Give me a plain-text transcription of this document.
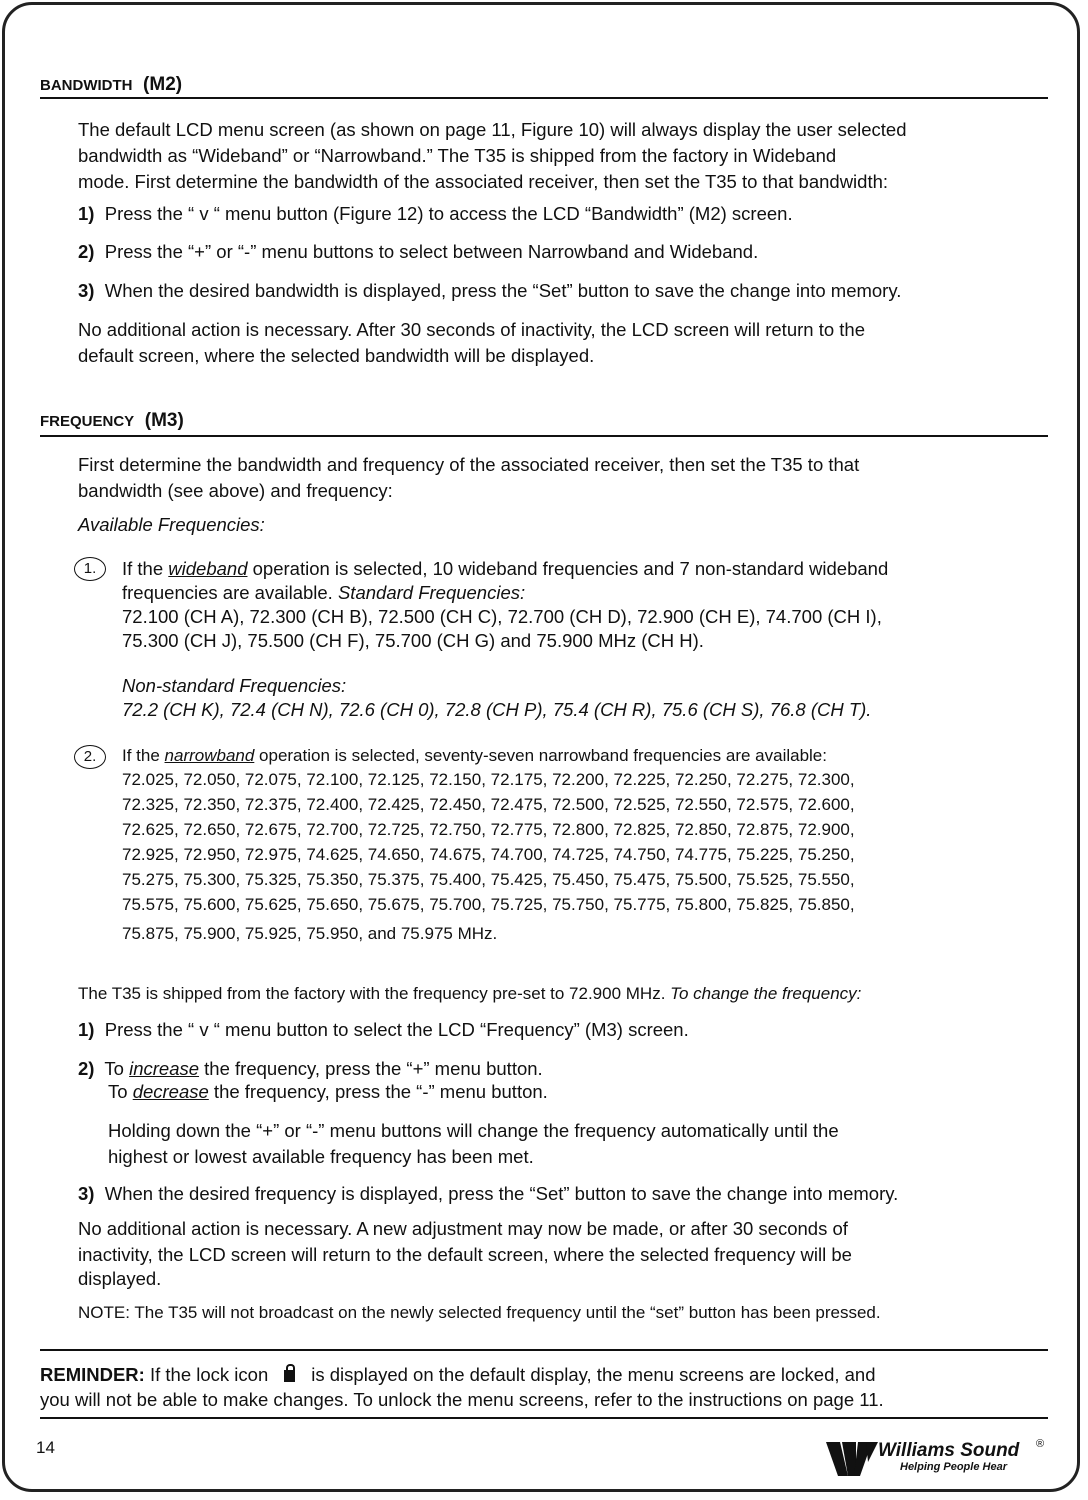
BANDWIDTH (M2)
The default LCD menu screen (as shown on page 11, Figure 10) will always display the user selected
bandwidth as “Wideband” or “Narrowband.” The T35 is shipped from the factory in Wideband
mode. First determine the bandwidth of the associated receiver, then set the T35 to that bandwidth:
1) Press the “ v “ menu button (Figure 12) to access the LCD “Bandwidth” (M2) screen.
2) Press the “+” or “-” menu buttons to select between Narrowband and Wideband.
3) When the desired bandwidth is displayed, press the “Set” button to save the change into memory.
No additional action is necessary. After 30 seconds of inactivity, the LCD screen will return to the
default screen, where the selected bandwidth will be displayed.
FREQUENCY (M3)
First determine the bandwidth and frequency of the associated receiver, then set the T35 to that
bandwidth (see above) and frequency:
Available Frequencies:
1.	If the wideband operation is selected, 10 wideband frequencies and 7 non-standard wideband
frequencies are available. Standard Frequencies:
72.100 (CH A), 72.300 (CH B), 72.500 (CH C), 72.700 (CH D), 72.900 (CH E), 74.700 (CH I),
75.300 (CH J), 75.500 (CH F), 75.700 (CH G) and 75.900 MHz (CH H).
Non-standard Frequencies:
72.2 (CH K), 72.4 (CH N), 72.6 (CH 0), 72.8 (CH P), 75.4 (CH R), 75.6 (CH S), 76.8 (CH T).
2.	If the narrowband operation is selected, seventy-seven narrowband frequencies are available:
72.025, 72.050, 72.075, 72.100, 72.125, 72.150, 72.175, 72.200, 72.225, 72.250, 72.275, 72.300,
72.325, 72.350, 72.375, 72.400, 72.425, 72.450, 72.475, 72.500, 72.525, 72.550, 72.575, 72.600,
72.625, 72.650, 72.675, 72.700, 72.725, 72.750, 72.775, 72.800, 72.825, 72.850, 72.875, 72.900,
72.925, 72.950, 72.975, 74.625, 74.650, 74.675, 74.700, 74.725, 74.750, 74.775, 75.225, 75.250,
75.275, 75.300, 75.325, 75.350, 75.375, 75.400, 75.425, 75.450, 75.475, 75.500, 75.525, 75.550,
75.575, 75.600, 75.625, 75.650, 75.675, 75.700, 75.725, 75.750, 75.775, 75.800, 75.825, 75.850,
75.875, 75.900, 75.925, 75.950, and 75.975 MHz.
The T35 is shipped from the factory with the frequency pre-set to 72.900 MHz. To change the frequency:
1) Press the “ v “ menu button to select the LCD “Frequency” (M3) screen.
2) To increase the frequency, press the “+” menu button.
To decrease the frequency, press the “-” menu button.
Holding down the “+” or “-” menu buttons will change the frequency automatically until the
highest or lowest available frequency has been met.
3) When the desired frequency is displayed, press the “Set” button to save the change into memory.
No additional action is necessary. A new adjustment may now be made, or after 30 seconds of
inactivity, the LCD screen will return to the default screen, where the selected frequency will be
displayed.
NOTE: The T35 will not broadcast on the newly selected frequency until the “set” button has been pressed.
REMINDER: If the lock icon is displayed on the default display, the menu screens are locked, and
you will not be able to make changes. To unlock the menu screens, refer to the instructions on page 11.
14	Williams Sound ®
Helping People Hear
